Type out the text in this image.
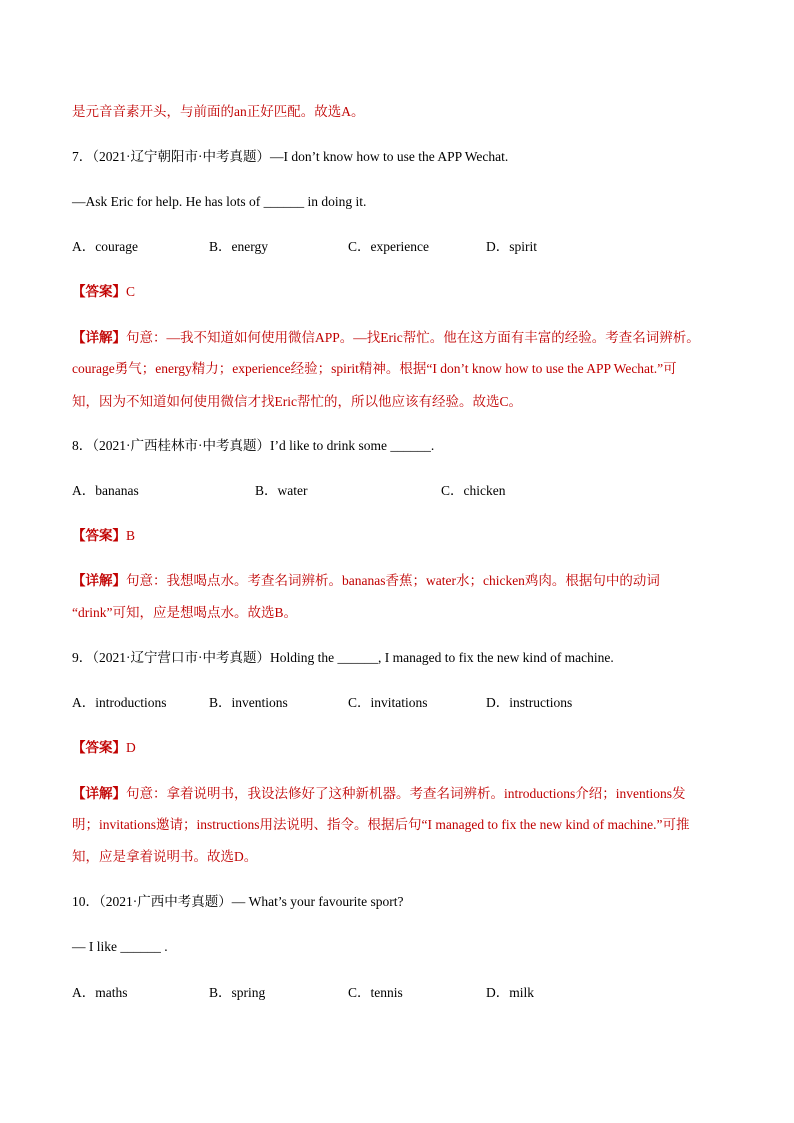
是元音音素开头，与前面的an正好匹配。故选A。
7．（2021·辽宁朝阳市·中考真题）—I don’t know how to use the APP Wechat.
—Ask Eric for help. He has lots of ______ in doing it.
A．courage	B．energy	C．experience	D．spirit
【答案】C
【详解】句意：—我不知道如何使用微信APP。—找Eric帮忙。他在这方面有丰富的经验。考查名词辨析。
courage勇气；energy精力；experience经验；spirit精神。根据“I don’t know how to use the APP Wechat.”可
知，因为不知道如何使用微信才找Eric帮忙的，所以他应该有经验。故选C。
8．（2021·广西桂林市·中考真题）I’d like to drink some ______.
A．bananas	B．water	C．chicken
【答案】B
【详解】句意：我想喝点水。考查名词辨析。bananas香蕉；water水；chicken鸡肉。根据句中的动词
“drink”可知，应是想喝点水。故选B。
9．（2021·辽宁营口市·中考真题）Holding the ______, I managed to fix the new kind of machine.
A．introductions	B．inventions	C．invitations	D．instructions
【答案】D
【详解】句意：拿着说明书，我设法修好了这种新机器。考查名词辨析。introductions介绍；inventions发
明；invitations邀请；instructions用法说明、指令。根据后句“I managed to fix the new kind of machine.”可推
知，应是拿着说明书。故选D。
10．（2021·广西中考真题）— What’s your favourite sport?
— I like ______ .
A．maths	B．spring	C．tennis	D．milk
